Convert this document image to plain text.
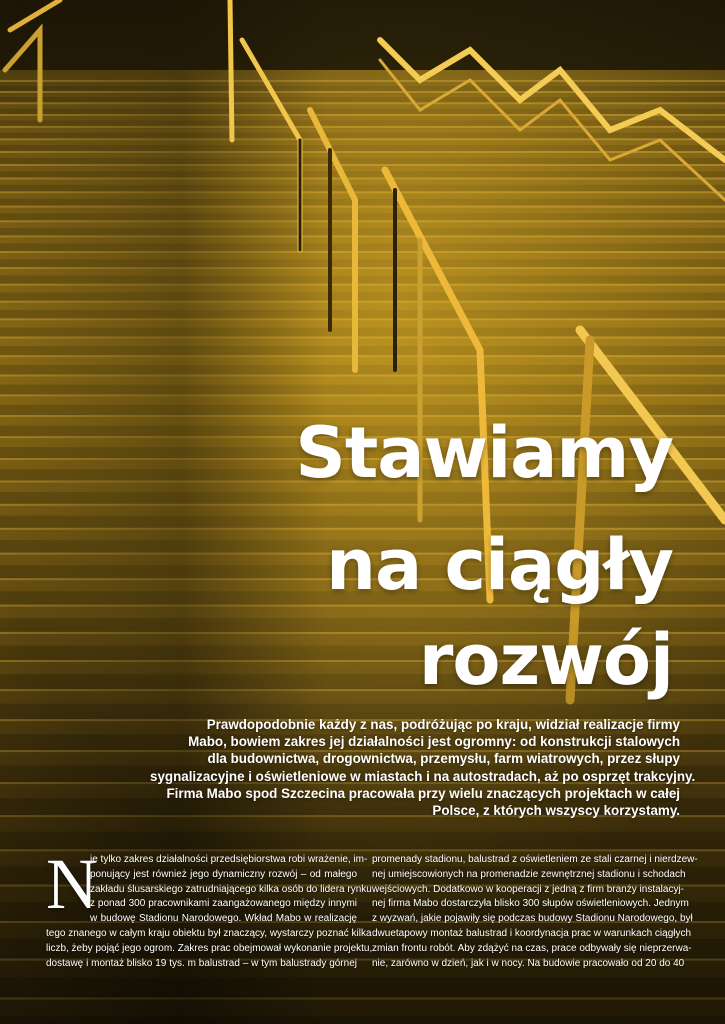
Stawiamy
na ciągły
rozwój

Prawdopodobnie każdy z nas, podróżując po kraju, widział realizacje firmy
Mabo, bowiem zakres jej działalności jest ogromny: od konstrukcji stalowych
dla budownictwa, drogownictwa, przemysłu, farm wiatrowych, przez słupy
sygnalizacyjne i oświetleniowe w miastach i na autostradach, aż po osprzęt trakcyjny.
Firma Mabo spod Szczecina pracowała przy wielu znaczących projektach w całej
Polsce, z których wszyscy korzystamy.

N
ie tylko zakres działalności przedsiębiorstwa robi wrażenie, im-
ponujący jest również jego dynamiczny rozwój – od małego
zakładu ślusarskiego zatrudniającego kilka osób do lidera rynku
z ponad 300 pracownikami zaangażowanego między innymi
w budowę Stadionu Narodowego. Wkład Mabo w realizację
tego znanego w całym kraju obiektu był znaczący, wystarczy poznać kilka
liczb, żeby pojąć jego ogrom. Zakres prac obejmował wykonanie projektu,
dostawę i montaż blisko 19 tys. m balustrad – w tym balustrady górnej
promenady stadionu, balustrad z oświetleniem ze stali czarnej i nierdzew-
nej umiejscowionych na promenadzie zewnętrznej stadionu i schodach
wejściowych. Dodatkowo w kooperacji z jedną z firm branży instalacyj-
nej firma Mabo dostarczyła blisko 300 słupów oświetleniowych. Jednym
z wyzwań, jakie pojawiły się podczas budowy Stadionu Narodowego, był
dwuetapowy montaż balustrad i koordynacja prac w warunkach ciągłych
zmian frontu robót. Aby zdążyć na czas, prace odbywały się nieprzerwa-
nie, zarówno w dzień, jak i w nocy. Na budowie pracowało od 20 do 40
